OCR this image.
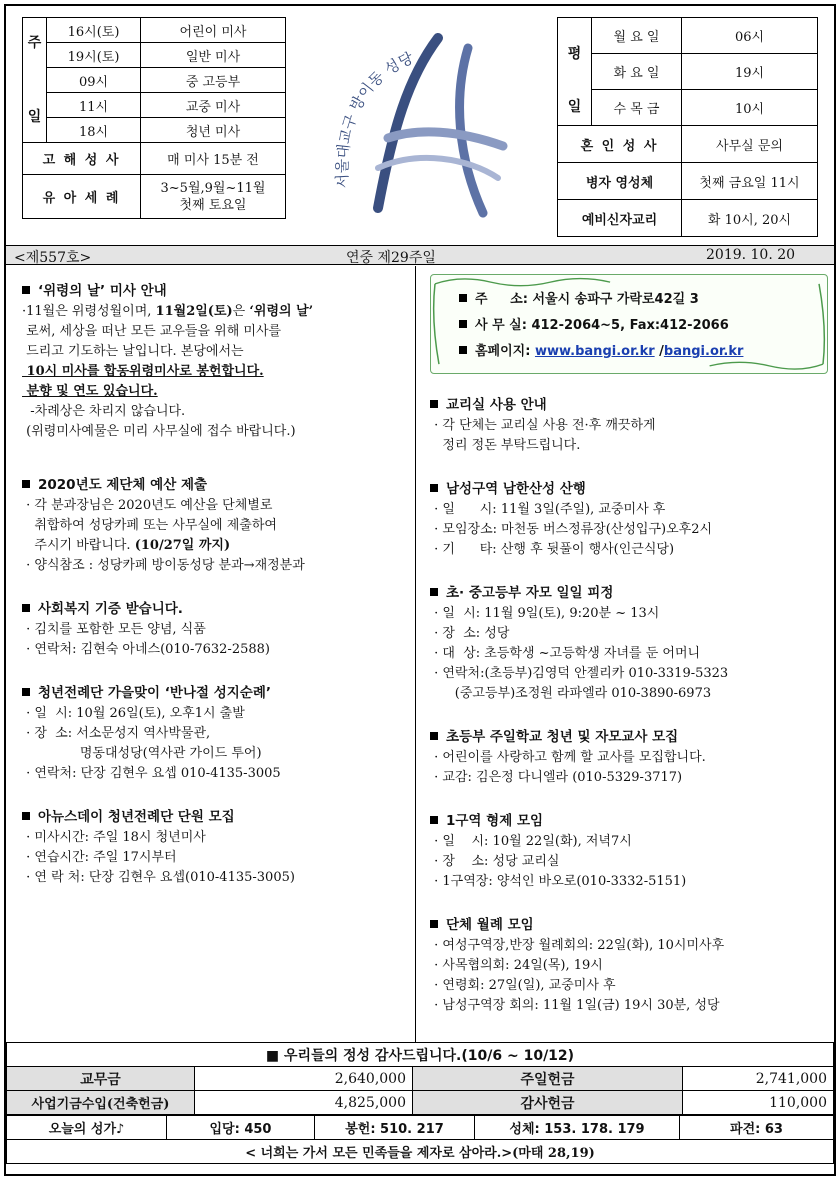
주	16시(토)	어린이 미사
	19시(토)	일반 미사
	09시	중 고등부
일	11시	교중 미사
	18시	청년 미사
고 해 성 사		매 미사 15분 전
유 아 세 례		3~5월,9월~11월
첫째 토요일
서울대교구 방이동 성당	평	월 요 일	06시
	화 요 일	19시
일	수 목 금	10시
혼 인 성 사		사무실 문의
병자 영성체		첫째 금요일 11시
예비신자교리		화 10시, 20시
<제557호>	연중 제29주일	2019. 10. 20
‘위령의 날’ 미사 안내

·11월은 위령성월이며, 11월2일(토)은 ‘위령의 날’

로써, 세상을 떠난 모든 교우들을 위해 미사를

드리고 기도하는 날입니다. 본당에서는

10시 미사를 합동위령미사로 봉헌합니다.

분향 및 연도 있습니다.

-차례상은 차리지 않습니다.

(위령미사예물은 미리 사무실에 접수 바랍니다.)

2020년도 제단체 예산 제출

· 각 분과장님은 2020년도 예산을 단체별로

취합하여 성당카페 또는 사무실에 제출하여

주시기 바랍니다. (10/27일 까지)

· 양식참조 : 성당카페 방이동성당 분과→재정분과

사회복지 기증 받습니다.

· 김치를 포함한 모든 양념, 식품

· 연락처: 김현숙 아네스(010-7632-2588)

청년전례단 가을맞이 ‘반나절 성지순례’

· 일  시: 10월 26일(토), 오후1시 출발

· 장  소: 서소문성지 역사박물관,

명동대성당(역사관 가이드 투어)

· 연락처: 단장 김현우 요셉 010-4135-3005

아뉴스데이 청년전례단 단원 모집

· 미사시간: 주일 18시 청년미사

· 연습시간: 주일 17시부터

· 연 락 처: 단장 김현우 요셉(010-4135-3005)

주     소: 서울시 송파구 가락로42길 3

사 무 실: 412-2064~5, Fax:412-2066

홈페이지: www.bangi.or.kr /bangi.or.kr

교리실 사용 안내

· 각 단체는 교리실 사용 전·후 깨끗하게

정리 정돈 부탁드립니다.

남성구역 남한산성 산행

· 일      시: 11월 3일(주일), 교중미사 후

· 모임장소: 마천동 버스정류장(산성입구)오후2시

· 기      타: 산행 후 뒷풀이 행사(인근식당)

초· 중고등부 자모 일일 피정

· 일  시: 11월 9일(토), 9:20분 ~ 13시

· 장  소: 성당

· 대  상: 초등학생 ~고등학생 자녀를 둔 어머니

· 연락처:(초등부)김영덕 안젤리카 010-3319-5323

(중고등부)조정원 라파엘라 010-3890-6973

초등부 주일학교 청년 및 자모교사 모집

· 어린이를 사랑하고 함께 할 교사를 모집합니다.

· 교감: 김은정 다니엘라 (010-5329-3717)

1구역 형제 모임

· 일    시: 10월 22일(화), 저녁7시

· 장    소: 성당 교리실

· 1구역장: 양석인 바오로(010-3332-5151)

단체 월례 모임

· 여성구역장,반장 월례회의: 22일(화), 10시미사후

· 사목협의회: 24일(목), 19시

· 연령회: 27일(일), 교중미사 후

· 남성구역장 회의: 11월 1일(금) 19시 30분, 성당

■ 우리들의 정성 감사드립니다.(10/6 ~ 10/12)			
교무금	2,640,000	주일헌금	2,741,000
사업기금수입(건축헌금)	4,825,000	감사헌금	110,000
오늘의 성가♪	입당: 450	봉헌: 510. 217	성체: 153. 178. 179	파견: 63
< 너희는 가서 모든 민족들을 제자로 삼아라.>(마태 28,19)
